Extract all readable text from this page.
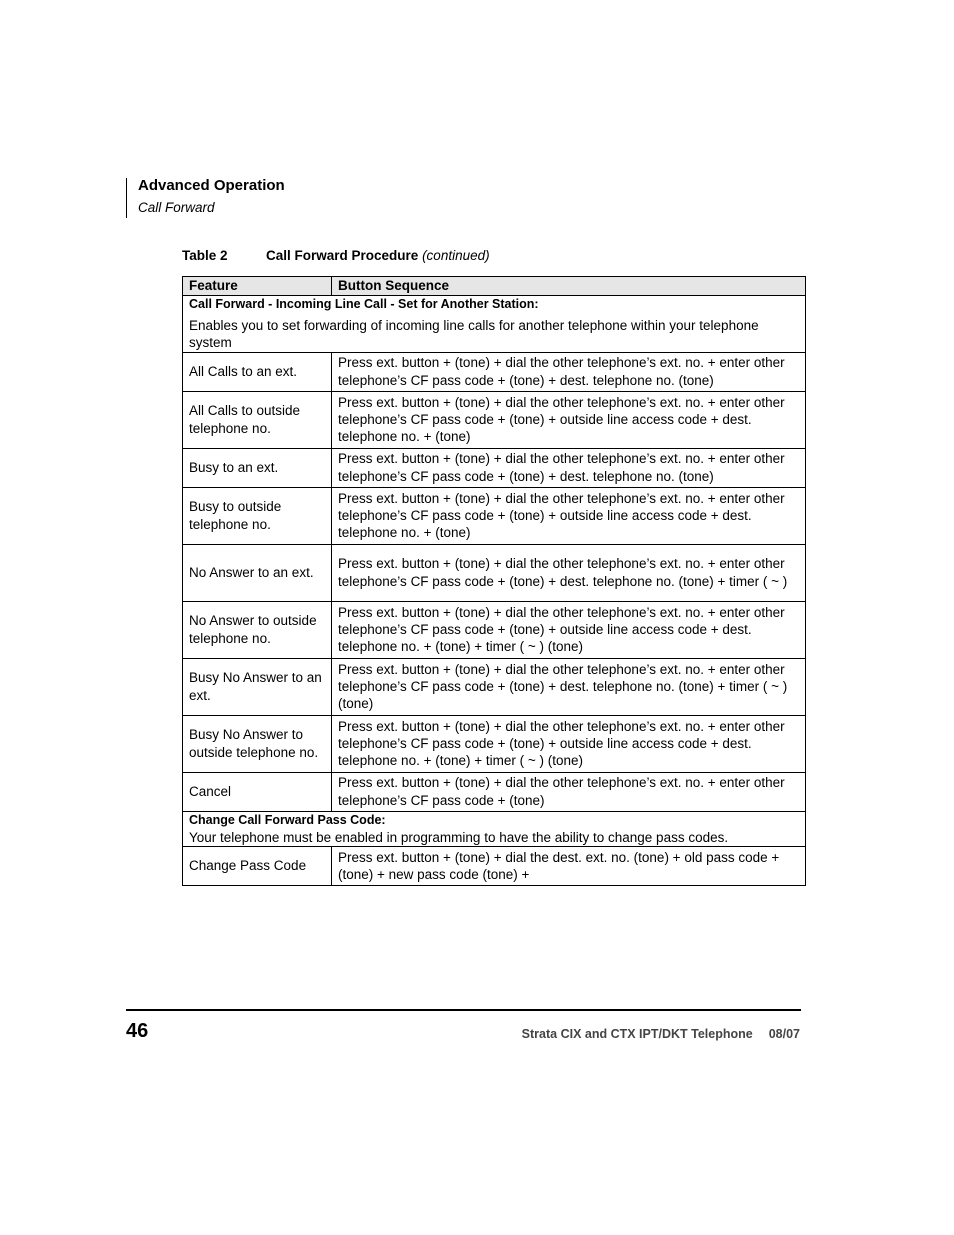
Advanced Operation
Call Forward
Table 2	Call Forward Procedure (continued)
Feature	Button Sequence

Call Forward - Incoming Line Call - Set for Another Station:
Enables you to set forwarding of incoming line calls for another telephone within your telephone system	

All Calls to an ext.	Press ext. button + (tone) + dial the other telephone’s ext. no. + enter other telephone’s CF pass code + (tone) + dest. telephone no. (tone)
All Calls to outside telephone no.	Press ext. button + (tone) + dial the other telephone’s ext. no. + enter other telephone’s CF pass code + (tone) + outside line access code + dest. telephone no. + (tone)
Busy to an ext.	Press ext. button + (tone) + dial the other telephone’s ext. no. + enter other telephone’s CF pass code + (tone) + dest. telephone no. (tone)
Busy to outside telephone no.	Press ext. button + (tone) + dial the other telephone’s ext. no. + enter other telephone’s CF pass code + (tone) + outside line access code + dest. telephone no. + (tone)
No Answer to an ext.	Press ext. button + (tone) + dial the other telephone’s ext. no. + enter other telephone’s CF pass code + (tone) + dest. telephone no. (tone) + timer ( ~ )
No Answer to outside telephone no.	Press ext. button + (tone) + dial the other telephone’s ext. no. + enter other telephone’s CF pass code + (tone) + outside line access code + dest. telephone no. + (tone) + timer ( ~ ) (tone)
Busy No Answer to an ext.	Press ext. button + (tone) + dial the other telephone’s ext. no. + enter other telephone’s CF pass code + (tone) + dest. telephone no. (tone) + timer ( ~ ) (tone)
Busy No Answer to outside telephone no.	Press ext. button + (tone) + dial the other telephone’s ext. no. + enter other telephone’s CF pass code + (tone) + outside line access code + dest. telephone no. + (tone) + timer ( ~ ) (tone)
Cancel	Press ext. button + (tone) + dial the other telephone’s ext. no. + enter other telephone’s CF pass code + (tone)

Change Call Forward Pass Code:
Your telephone must be enabled in programming to have the ability to change pass codes.	

Change Pass Code	Press ext. button + (tone) + dial the dest. ext. no. (tone) + old pass code + (tone) + new pass code (tone) +
46	Strata CIX and CTX IPT/DKT Telephone 08/07
